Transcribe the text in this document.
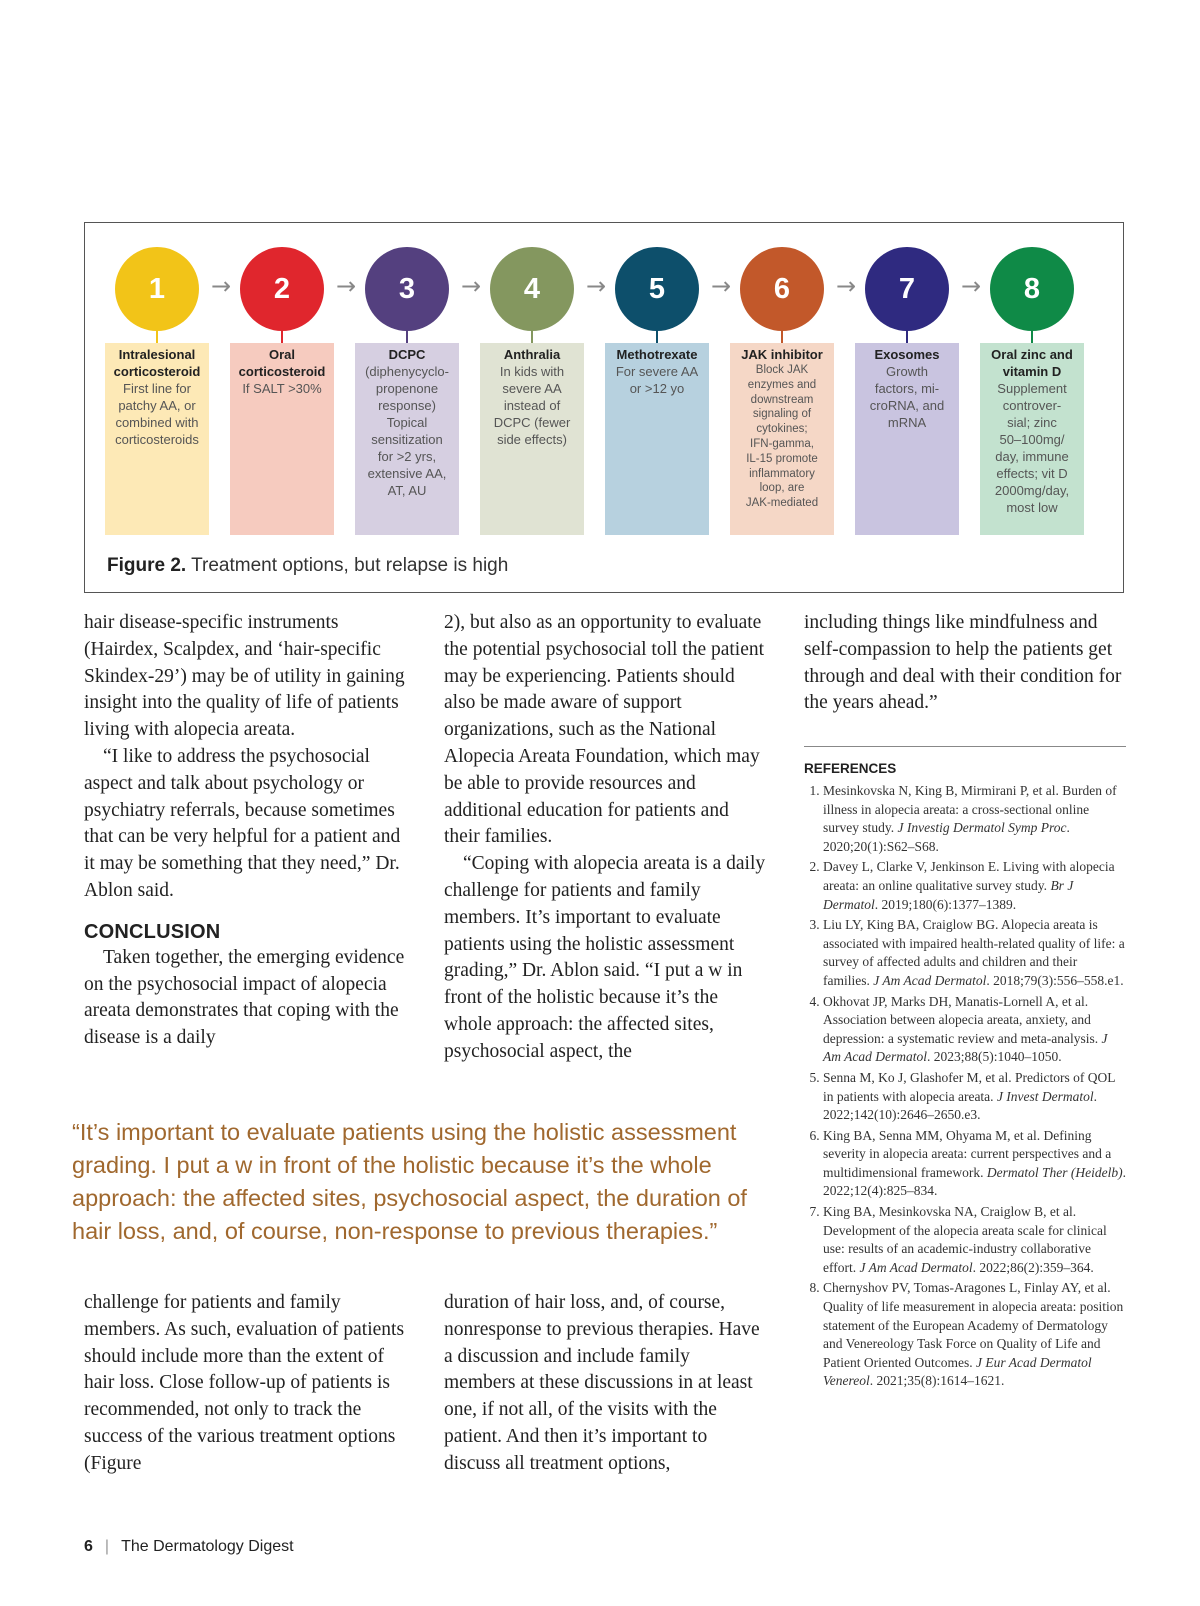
1
Intralesional
corticosteroid
First line for
patchy AA, or
combined with
corticosteroids
→	2
Oral
corticosteroid
If SALT >30%
→	3
DCPC
(diphenycyclo-
propenone
response)
Topical
sensitization
for >2 yrs,
extensive AA,
AT, AU
→	4
Anthralia
In kids with
severe AA
instead of
DCPC (fewer
side effects)
→	5
Methotrexate
For severe AA
or >12 yo
→	6
JAK inhibitor
Block JAK
enzymes and
downstream
signaling of
cytokines;
IFN-gamma,
IL-15 promote
inflammatory
loop, are
JAK-mediated
→	7
Exosomes
Growth
factors, mi-
croRNA, and
mRNA
→	8
Oral zinc and
vitamin D
Supplement
controver-
sial; zinc
50–100mg/
day, immune
effects; vit D
2000mg/day,
most low
Figure 2. Treatment options, but relapse is high

hair disease-specific instruments (Hairdex, Scalpdex, and ‘hair-specific Skindex-29’) may be of utility in gaining insight into the quality of life of patients living with alopecia areata.

“I like to address the psychosocial aspect and talk about psychology or psychiatry referrals, because sometimes that can be very helpful for a patient and it may be something that they need,” Dr. Ablon said.

CONCLUSION

Taken together, the emerging evidence on the psychosocial impact of alopecia areata demonstrates that coping with the disease is a daily

2), but also as an opportunity to evaluate the potential psychosocial toll the patient may be experiencing. Patients should also be made aware of support organizations, such as the National Alopecia Areata Foundation, which may be able to provide resources and additional education for patients and their families.

“Coping with alopecia areata is a daily challenge for patients and family members. It’s important to evaluate patients using the holistic assessment grading,” Dr. Ablon said. “I put a w in front of the holistic because it’s the whole approach: the affected sites, psychosocial aspect, the

including things like mindfulness and self-compassion to help the patients get through and deal with their condition for the years ahead.”

“It’s important to evaluate patients using the holistic assessment grading. I put a w in front of the holistic because it’s the whole approach: the affected sites, psychosocial aspect, the duration of hair loss, and, of course, non-response to previous therapies.”

challenge for patients and family members. As such, evaluation of patients should include more than the extent of hair loss. Close follow-up of patients is recommended, not only to track the success of the various treatment options (Figure

duration of hair loss, and, of course, nonresponse to previous therapies. Have a discussion and include family members at these discussions in at least one, if not all, of the visits with the patient. And then it’s important to discuss all treatment options,

REFERENCES
1. Mesinkovska N, King B, Mirmirani P, et al. Burden of illness in alopecia areata: a cross-sectional online survey study. J Investig Dermatol Symp Proc. 2020;20(1):S62–S68.
2. Davey L, Clarke V, Jenkinson E. Living with alopecia areata: an online qualitative survey study. Br J Dermatol. 2019;180(6):1377–1389.
3. Liu LY, King BA, Craiglow BG. Alopecia areata is associated with impaired health-related quality of life: a survey of affected adults and children and their families. J Am Acad Dermatol. 2018;79(3):556–558.e1.
4. Okhovat JP, Marks DH, Manatis-Lornell A, et al. Association between alopecia areata, anxiety, and depression: a systematic review and meta-analysis. J Am Acad Dermatol. 2023;88(5):1040–1050.
5. Senna M, Ko J, Glashofer M, et al. Predictors of QOL in patients with alopecia areata. J Invest Dermatol. 2022;142(10):2646–2650.e3.
6. King BA, Senna MM, Ohyama M, et al. Defining severity in alopecia areata: current perspectives and a multidimensional framework. Dermatol Ther (Heidelb). 2022;12(4):825–834.
7. King BA, Mesinkovska NA, Craiglow B, et al. Development of the alopecia areata scale for clinical use: results of an academic-industry collaborative effort. J Am Acad Dermatol. 2022;86(2):359–364.
8. Chernyshov PV, Tomas-Aragones L, Finlay AY, et al. Quality of life measurement in alopecia areata: position statement of the European Academy of Dermatology and Venereology Task Force on Quality of Life and Patient Oriented Outcomes. J Eur Acad Dermatol Venereol. 2021;35(8):1614–1621.
6 | The Dermatology Digest
